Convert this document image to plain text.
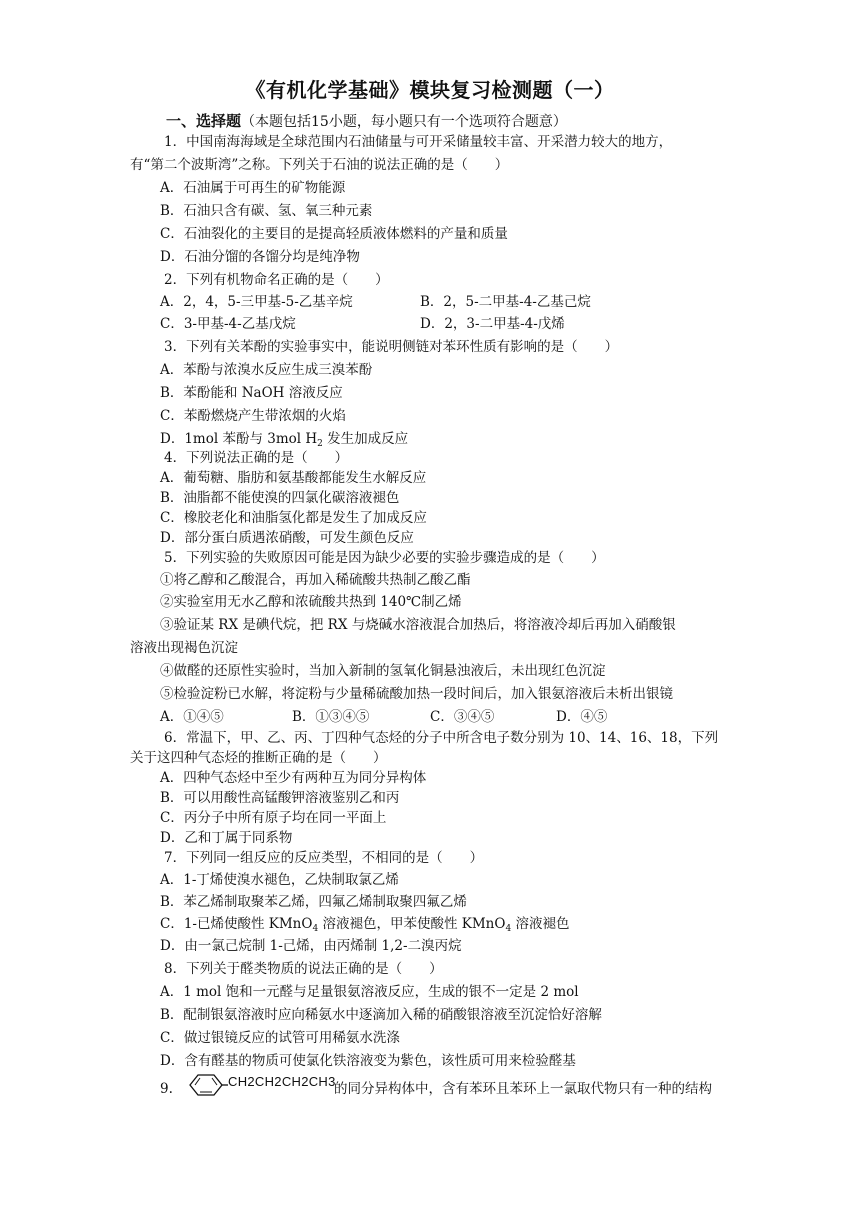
《有机化学基础》模块复习检测题（一）
一、选择题（本题包括15小题，每小题只有一个选项符合题意）
1．中国南海海域是全球范围内石油储量与可开采储量较丰富、开采潜力较大的地方，
有“第二个波斯湾”之称。下列关于石油的说法正确的是（　　）
A．石油属于可再生的矿物能源
B．石油只含有碳、氢、氧三种元素
C．石油裂化的主要目的是提高轻质液体燃料的产量和质量
D．石油分馏的各馏分均是纯净物
2．下列有机物命名正确的是（　　）
A．2，4，5-三甲基-5-乙基辛烷	B．2，5-二甲基-4-乙基己烷
C．3-甲基-4-乙基戊烷	D．2，3-二甲基-4-戊烯
3．下列有关苯酚的实验事实中，能说明侧链对苯环性质有影响的是（　　）
A．苯酚与浓溴水反应生成三溴苯酚
B．苯酚能和 NaOH 溶液反应
C．苯酚燃烧产生带浓烟的火焰
D．1mol 苯酚与 3mol $H_2$ 发生加成反应
4．下列说法正确的是（　　）
A．葡萄糖、脂肪和氨基酸都能发生水解反应
B．油脂都不能使溴的四氯化碳溶液褪色
C．橡胶老化和油脂氢化都是发生了加成反应
D．部分蛋白质遇浓硝酸，可发生颜色反应
5．下列实验的失败原因可能是因为缺少必要的实验步骤造成的是（　　）
①将乙醇和乙酸混合，再加入稀硫酸共热制乙酸乙酯
②实验室用无水乙醇和浓硫酸共热到 140℃制乙烯
③验证某 RX 是碘代烷，把 RX 与烧碱水溶液混合加热后，将溶液冷却后再加入硝酸银
溶液出现褐色沉淀
④做醛的还原性实验时，当加入新制的氢氧化铜悬浊液后，未出现红色沉淀
⑤检验淀粉已水解，将淀粉与少量稀硫酸加热一段时间后，加入银氨溶液后未析出银镜
A．①④⑤	B．①③④⑤	C．③④⑤	D．④⑤
6．常温下，甲、乙、丙、丁四种气态烃的分子中所含电子数分别为 10、14、16、18，下列
关于这四种气态烃的推断正确的是（　　）
A．四种气态烃中至少有两种互为同分异构体
B．可以用酸性高锰酸钾溶液鉴别乙和丙
C．丙分子中所有原子均在同一平面上
D．乙和丁属于同系物
7．下列同一组反应的反应类型，不相同的是（　　）
A．1-丁烯使溴水褪色，乙炔制取氯乙烯
B．苯乙烯制取聚苯乙烯，四氟乙烯制取聚四氟乙烯
C．1-已烯使酸性 KMnO$_4$ 溶液褪色，甲苯使酸性 KMnO$_4$ 溶液褪色
D．由一氯己烷制 1-己烯，由丙烯制 1,2-二溴丙烷
8．下列关于醛类物质的说法正确的是（　　）
A．1 mol 饱和一元醛与足量银氨溶液反应，生成的银不一定是 2 mol
B．配制银氨溶液时应向稀氨水中逐滴加入稀的硝酸银溶液至沉淀恰好溶解
C．做过银镜反应的试管可用稀氨水洗涤
D．含有醛基的物质可使氯化铁溶液变为紫色，该性质可用来检验醛基
9.	CH2CH2CH2CH3
的同分异构体中，含有苯环且苯环上一氯取代物只有一种的结构
